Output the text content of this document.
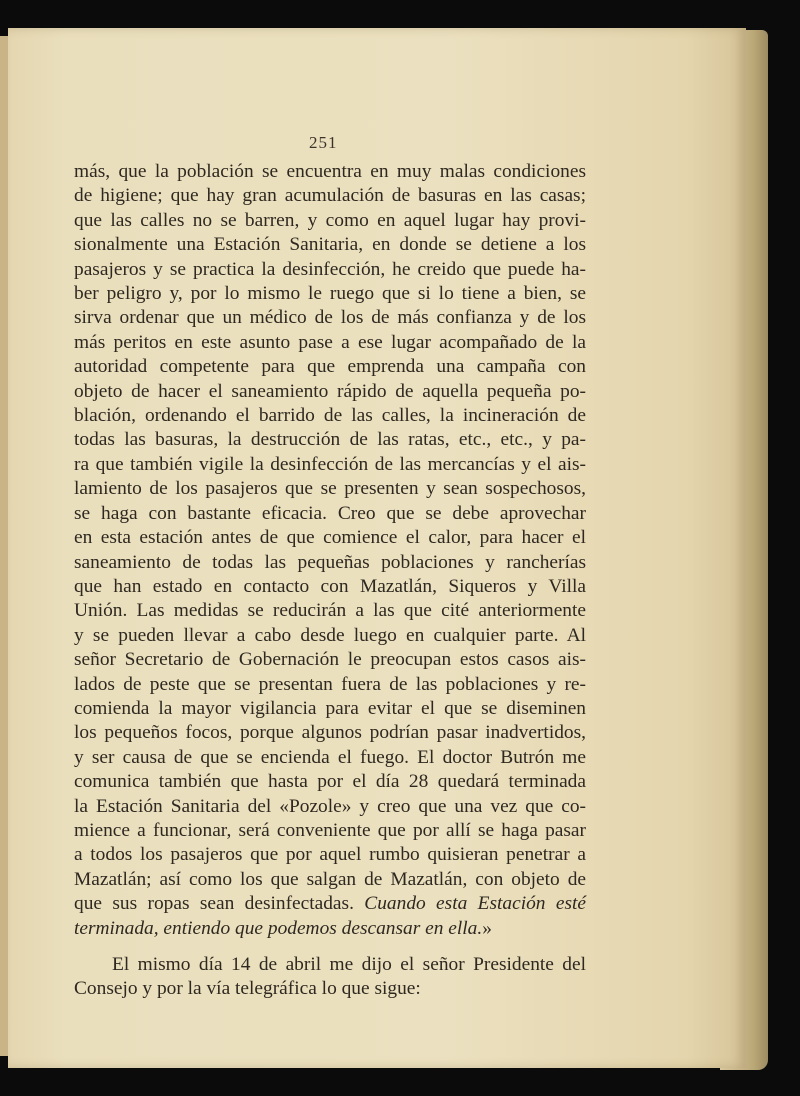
251

más, que la población se encuentra en muy malas condiciones
de higiene; que hay gran acumulación de basuras en las casas;
que las calles no se barren, y como en aquel lugar hay provi-
sionalmente una Estación Sanitaria, en donde se detiene a los
pasajeros y se practica la desinfección, he creido que puede ha-
ber peligro y, por lo mismo le ruego que si lo tiene a bien, se
sirva ordenar que un médico de los de más confianza y de los
más peritos en este asunto pase a ese lugar acompañado de la
autoridad competente para que emprenda una campaña con
objeto de hacer el saneamiento rápido de aquella pequeña po-
blación, ordenando el barrido de las calles, la incineración de
todas las basuras, la destrucción de las ratas, etc., etc., y pa-
ra que también vigile la desinfección de las mercancías y el ais-
lamiento de los pasajeros que se presenten y sean sospechosos,
se haga con bastante eficacia. Creo que se debe aprovechar
en esta estación antes de que comience el calor, para hacer el
saneamiento de todas las pequeñas poblaciones y rancherías
que han estado en contacto con Mazatlán, Siqueros y Villa
Unión. Las medidas se reducirán a las que cité anteriormente
y se pueden llevar a cabo desde luego en cualquier parte. Al
señor Secretario de Gobernación le preocupan estos casos ais-
lados de peste que se presentan fuera de las poblaciones y re-
comienda la mayor vigilancia para evitar el que se diseminen
los pequeños focos, porque algunos podrían pasar inadvertidos,
y ser causa de que se encienda el fuego. El doctor Butrón me
comunica también que hasta por el día 28 quedará terminada
la Estación Sanitaria del «Pozole» y creo que una vez que co-
mience a funcionar, será conveniente que por allí se haga pasar
a todos los pasajeros que por aquel rumbo quisieran penetrar a
Mazatlán; así como los que salgan de Mazatlán, con objeto de
que sus ropas sean desinfectadas. Cuando esta Estación esté
terminada, entiendo que podemos descansar en ella.»

El mismo día 14 de abril me dijo el señor Presidente del
Consejo y por la vía telegráfica lo que sigue:
